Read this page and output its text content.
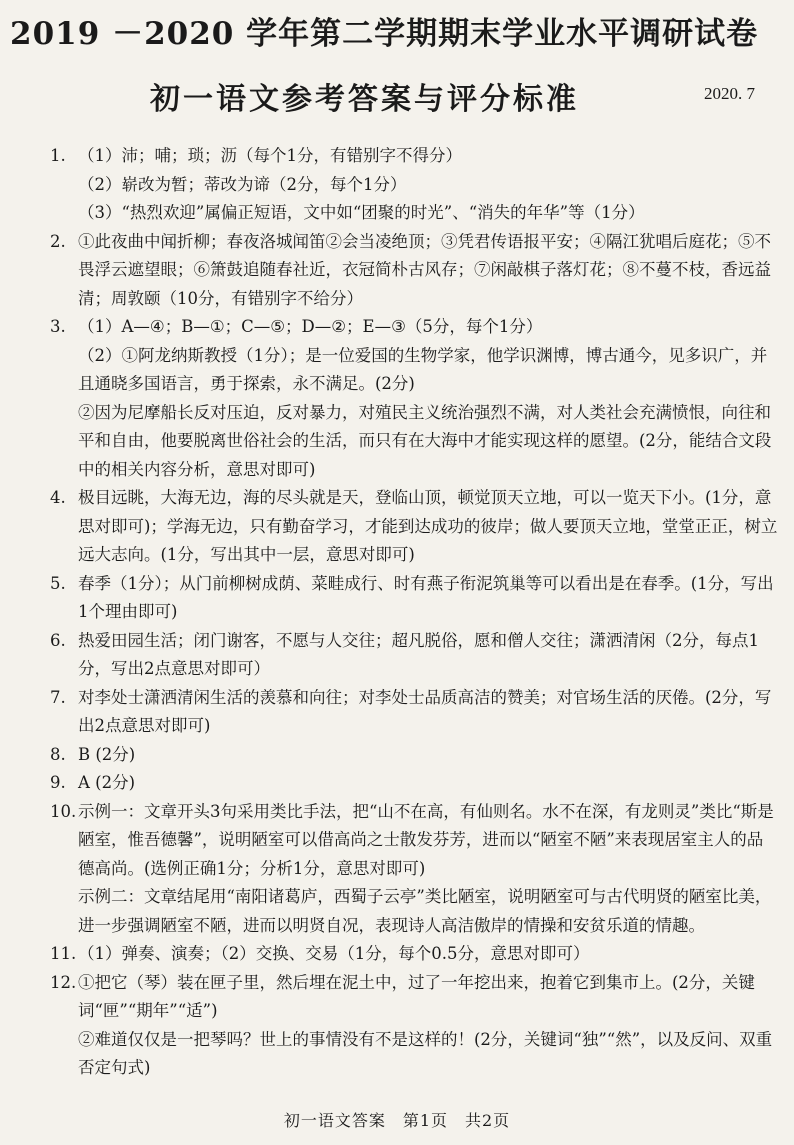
2019 －2020 学年第二学期期末学业水平调研试卷
初一语文参考答案与评分标准	2020. 7
1. （1）沛；哺；琐；沥（每个1分，有错别字不得分）
（2）崭改为暂；蒂改为谛（2分，每个1分）
（3）“热烈欢迎”属偏正短语，文中如“团聚的时光”、“消失的年华”等（1分）
2. ①此夜曲中闻折柳；春夜洛城闻笛②会当凌绝顶；③凭君传语报平安；④隔江犹唱后庭花；⑤不畏浮云遮望眼；⑥箫鼓追随春社近，衣冠简朴古风存；⑦闲敲棋子落灯花；⑧不蔓不枝，香远益清；周敦颐（10分，有错别字不给分）
3. （1）A—④；B—①；C—⑤；D—②；E—③（5分，每个1分）
（2）①阿龙纳斯教授（1分）；是一位爱国的生物学家，他学识渊博，博古通今，见多识广，并且通晓多国语言，勇于探索，永不满足。(2分)
②因为尼摩船长反对压迫，反对暴力，对殖民主义统治强烈不满，对人类社会充满愤恨，向往和平和自由，他要脱离世俗社会的生活，而只有在大海中才能实现这样的愿望。(2分，能结合文段中的相关内容分析，意思对即可)
4. 极目远眺，大海无边，海的尽头就是天，登临山顶，顿觉顶天立地，可以一览天下小。(1分，意思对即可)；学海无边，只有勤奋学习，才能到达成功的彼岸；做人要顶天立地，堂堂正正，树立远大志向。(1分，写出其中一层，意思对即可)
5. 春季（1分）；从门前柳树成荫、菜畦成行、时有燕子衔泥筑巢等可以看出是在春季。(1分，写出1个理由即可)
6. 热爱田园生活；闭门谢客，不愿与人交往；超凡脱俗，愿和僧人交往；潇洒清闲（2分，每点1分，写出2点意思对即可）
7. 对李处士潇洒清闲生活的羡慕和向往；对李处士品质高洁的赞美；对官场生活的厌倦。(2分，写出2点意思对即可)
8. B (2分)
9. A (2分)
10. 示例一：文章开头3句采用类比手法，把“山不在高，有仙则名。水不在深，有龙则灵”类比“斯是陋室，惟吾德馨”，说明陋室可以借高尚之士散发芬芳，进而以“陋室不陋”来表现居室主人的品德高尚。(选例正确1分；分析1分，意思对即可)
示例二：文章结尾用“南阳诸葛庐，西蜀子云亭”类比陋室，说明陋室可与古代明贤的陋室比美，进一步强调陋室不陋，进而以明贤自况，表现诗人高洁傲岸的情操和安贫乐道的情趣。
11. （1）弹奏、演奏；（2）交换、交易（1分，每个0.5分，意思对即可）
12. ①把它（琴）装在匣子里，然后埋在泥土中，过了一年挖出来，抱着它到集市上。(2分，关键词“匣”“期年”“适”)
②难道仅仅是一把琴吗？世上的事情没有不是这样的！(2分，关键词“独”“然”，以及反问、双重否定句式)
初一语文答案　第1页　共2页
